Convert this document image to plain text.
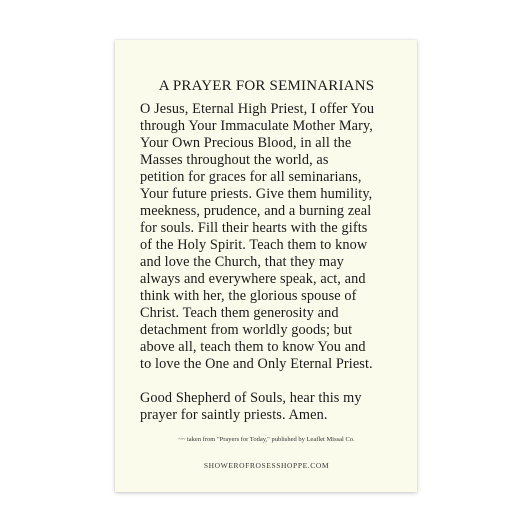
A PRAYER FOR SEMINARIANS

O Jesus, Eternal High Priest, I offer You
through Your Immaculate Mother Mary,
Your Own Precious Blood, in all the
Masses throughout the world, as
petition for graces for all seminarians,
Your future priests. Give them humility,
meekness, prudence, and a burning zeal
for souls. Fill their hearts with the gifts
of the Holy Spirit. Teach them to know
and love the Church, that they may
always and everywhere speak, act, and
think with her, the glorious spouse of
Christ. Teach them generosity and
detachment from worldly goods; but
above all, teach them to know You and
to love the One and Only Eternal Priest.

Good Shepherd of Souls, hear this my
prayer for saintly priests. Amen.

~~ taken from "Prayers for Today," published by Leaflet Missal Co.
SHOWEROFROSESSHOPPE.COM
